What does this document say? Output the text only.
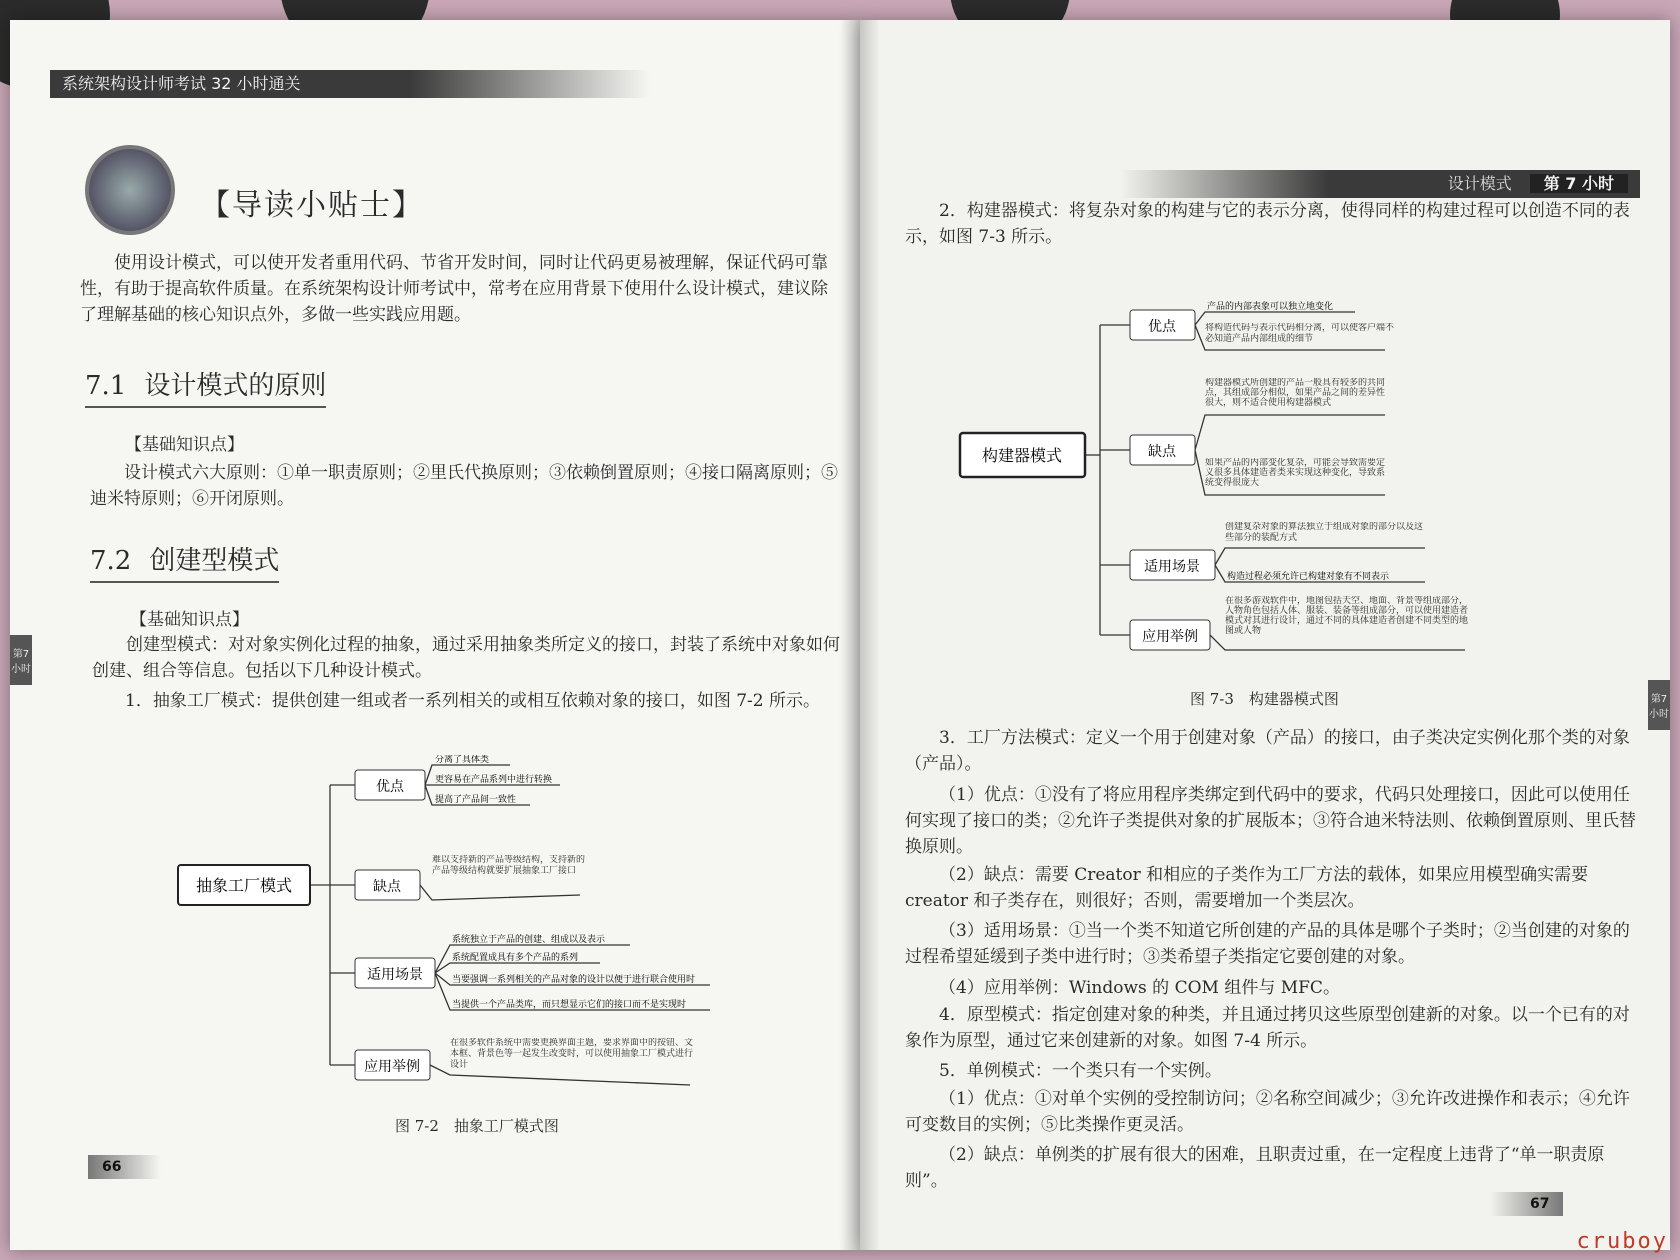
系统架构设计师考试 32 小时通关
【导读小贴士】
使用设计模式，可以使开发者重用代码、节省开发时间，同时让代码更易被理解，保证代码可靠性，有助于提高软件质量。在系统架构设计师考试中，常考在应用背景下使用什么设计模式，建议除了理解基础的核心知识点外，多做一些实践应用题。
7.1 设计模式的原则
【基础知识点】
设计模式六大原则：①单一职责原则；②里氏代换原则；③依赖倒置原则；④接口隔离原则；⑤迪米特原则；⑥开闭原则。
7.2 创建型模式
【基础知识点】
创建型模式：对对象实例化过程的抽象，通过采用抽象类所定义的接口，封装了系统中对象如何创建、组合等信息。包括以下几种设计模式。
1．抽象工厂模式：提供创建一组或者一系列相关的或相互依赖对象的接口，如图 7-2 所示。
第7小时
抽象工厂模式
优点
缺点
适用场景
应用举例
分离了具体类
更容易在产品系列中进行转换
提高了产品间一致性
难以支持新的产品等级结构，支持新的产品等级结构就要扩展抽象工厂接口
系统独立于产品的创建、组成以及表示
系统配置成具有多个产品的系列
当要强调一系列相关的产品对象的设计以便于进行联合使用时
当提供一个产品类库，而只想显示它们的接口而不是实现时
在很多软件系统中需要更换界面主题，要求界面中的按钮、文本框、背景色等一起发生改变时，可以使用抽象工厂模式进行设计
图 7-2　抽象工厂模式图
66
设计模式 第 7 小时
2．构建器模式：将复杂对象的构建与它的表示分离，使得同样的构建过程可以创造不同的表示，如图 7-3 所示。
构建器模式
优点
缺点
适用场景
应用举例
产品的内部表象可以独立地变化
将构造代码与表示代码相分离，可以使客户端不必知道产品内部组成的细节
构建器模式所创建的产品一般具有较多的共同点，其组成部分相似，如果产品之间的差异性很大，则不适合使用构建器模式
如果产品的内部变化复杂，可能会导致需要定义很多具体建造者类来实现这种变化，导致系统变得很庞大
创建复杂对象的算法独立于组成对象的部分以及这些部分的装配方式
构造过程必须允许已构建对象有不同表示
在很多游戏软件中，地图包括天空、地面、背景等组成部分，人物角色包括人体、服装、装备等组成部分，可以使用建造者模式对其进行设计，通过不同的具体建造者创建不同类型的地图或人物
图 7-3　构建器模式图
3．工厂方法模式：定义一个用于创建对象（产品）的接口，由子类决定实例化那个类的对象（产品）。
（1）优点：①没有了将应用程序类绑定到代码中的要求，代码只处理接口，因此可以使用任何实现了接口的类；②允许子类提供对象的扩展版本；③符合迪米特法则、依赖倒置原则、里氏替换原则。
（2）缺点：需要 Creator 和相应的子类作为工厂方法的载体，如果应用模型确实需要 creator 和子类存在，则很好；否则，需要增加一个类层次。
（3）适用场景：①当一个类不知道它所创建的产品的具体是哪个子类时；②当创建的对象的过程希望延缓到子类中进行时；③类希望子类指定它要创建的对象。
（4）应用举例：Windows 的 COM 组件与 MFC。
4．原型模式：指定创建对象的种类，并且通过拷贝这些原型创建新的对象。以一个已有的对象作为原型，通过它来创建新的对象。如图 7-4 所示。
5．单例模式：一个类只有一个实例。
（1）优点：①对单个实例的受控制访问；②名称空间减少；③允许改进操作和表示；④允许可变数目的实例；⑤比类操作更灵活。
（2）缺点：单例类的扩展有很大的困难，且职责过重，在一定程度上违背了“单一职责原则”。
第7小时
67
cruboy
